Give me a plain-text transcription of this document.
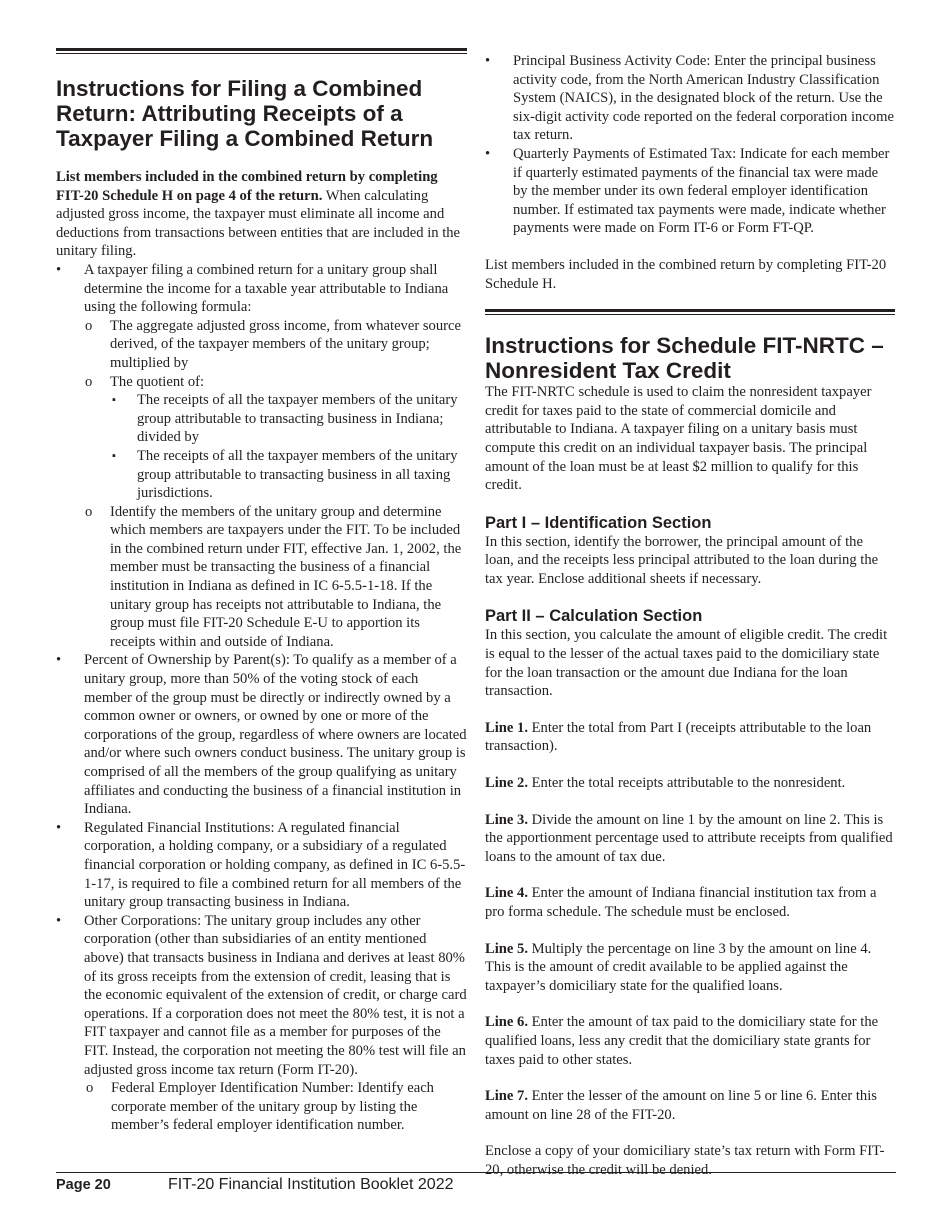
Instructions for Filing a Combined Return: Attributing Receipts of a Taxpayer Filing a Combined Return

List members included in the combined return by completing FIT-20 Schedule H on page 4 of the return. When calculating adjusted gross income, the taxpayer must eliminate all income and deductions from transactions between entities that are included in the unitary filing.

• A taxpayer filing a combined return for a unitary group shall determine the income for a taxable year attributable to Indiana using the following formula:
o The aggregate adjusted gross income, from whatever source derived, of the taxpayer members of the unitary group; multiplied by
o The quotient of:
▪ The receipts of all the taxpayer members of the unitary group attributable to transacting business in Indiana; divided by
▪ The receipts of all the taxpayer members of the unitary group attributable to transacting business in all taxing jurisdictions.
o Identify the members of the unitary group and determine which members are taxpayers under the FIT. To be included in the combined return under FIT, effective Jan. 1, 2002, the member must be transacting the business of a financial institution in Indiana as defined in IC 6-5.5-1-18. If the unitary group has receipts not attributable to Indiana, the group must file FIT-20 Schedule E-U to apportion its receipts within and outside of Indiana.
• Percent of Ownership by Parent(s): To qualify as a member of a unitary group, more than 50% of the voting stock of each member of the group must be directly or indirectly owned by a common owner or owners, or owned by one or more of the corporations of the group, regardless of where owners are located and/or where such owners conduct business. The unitary group is comprised of all the members of the group qualifying as unitary affiliates and conducting the business of a financial institution in Indiana.
• Regulated Financial Institutions: A regulated financial corporation, a holding company, or a subsidiary of a regulated financial corporation or holding company, as defined in IC 6-5.5-1-17, is required to file a combined return for all members of the unitary group transacting business in Indiana.
• Other Corporations: The unitary group includes any other corporation (other than subsidiaries of an entity mentioned above) that transacts business in Indiana and derives at least 80% of its gross receipts from the extension of credit, leasing that is the economic equivalent of the extension of credit, or charge card operations. If a corporation does not meet the 80% test, it is not a FIT taxpayer and cannot file as a member for purposes of the FIT. Instead, the corporation not meeting the 80% test will file an adjusted gross income tax return (Form IT-20).
o Federal Employer Identification Number: Identify each corporate member of the unitary group by listing the member’s federal employer identification number.
• Principal Business Activity Code: Enter the principal business activity code, from the North American Industry Classification System (NAICS), in the designated block of the return. Use the six-digit activity code reported on the federal corporation income tax return.
• Quarterly Payments of Estimated Tax: Indicate for each member if quarterly estimated payments of the financial tax were made by the member under its own federal employer identification number. If estimated tax payments were made, indicate whether payments were made on Form IT-6 or Form FT-QP.

List members included in the combined return by completing FIT-20 Schedule H.

Instructions for Schedule FIT-NRTC – Nonresident Tax Credit

The FIT-NRTC schedule is used to claim the nonresident taxpayer credit for taxes paid to the state of commercial domicile and attributable to Indiana. A taxpayer filing on a unitary basis must compute this credit on an individual taxpayer basis. The principal amount of the loan must be at least $2 million to qualify for this credit.

Part I – Identification Section

In this section, identify the borrower, the principal amount of the loan, and the receipts less principal attributed to the loan during the tax year. Enclose additional sheets if necessary.

Part II – Calculation Section

In this section, you calculate the amount of eligible credit. The credit is equal to the lesser of the actual taxes paid to the domiciliary state for the loan transaction or the amount due Indiana for the loan transaction.

Line 1. Enter the total from Part I (receipts attributable to the loan transaction).

Line 2. Enter the total receipts attributable to the nonresident.

Line 3. Divide the amount on line 1 by the amount on line 2. This is the apportionment percentage used to attribute receipts from qualified loans to the amount of tax due.

Line 4. Enter the amount of Indiana financial institution tax from a pro forma schedule. The schedule must be enclosed.

Line 5. Multiply the percentage on line 3 by the amount on line 4. This is the amount of credit available to be applied against the taxpayer’s domiciliary state for the qualified loans.

Line 6. Enter the amount of tax paid to the domiciliary state for the qualified loans, less any credit that the domiciliary state grants for taxes paid to other states.

Line 7. Enter the lesser of the amount on line 5 or line 6. Enter this amount on line 28 of the FIT-20.

Enclose a copy of your domiciliary state’s tax return with Form FIT-20, otherwise the credit will be denied.

Page 20	FIT-20 Financial Institution Booklet 2022
